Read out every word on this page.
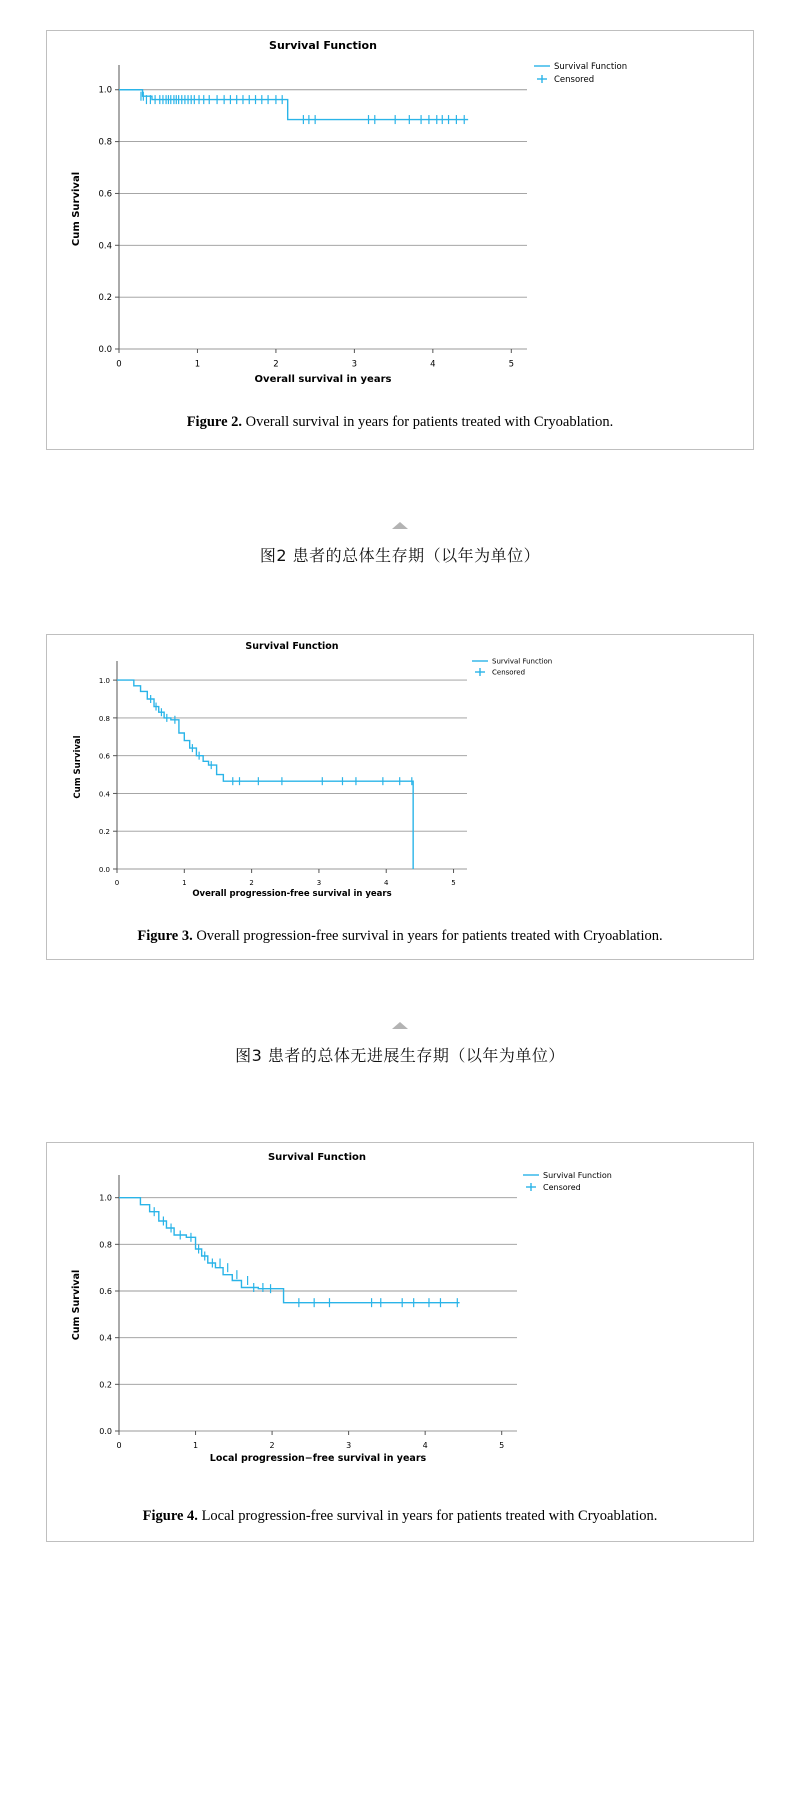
Survival Function
0.0
0.2
0.4
0.6
0.8
1.0
0	1	2	3	4	5
Overall survival in years
Cum Survival
Survival Function
Censored
Figure 2. Overall survival in years for patients treated with Cryoablation.
图2 患者的总体生存期（以年为单位）
Survival Function
0.0
0.2
0.4
0.6
0.8
1.0
0	1	2	3	4	5
Overall progression-free survival in years
Cum Survival
Survival Function
Censored
Figure 3. Overall progression-free survival in years for patients treated with Cryoablation.
图3 患者的总体无进展生存期（以年为单位）
Survival Function
0.0
0.2
0.4
0.6
0.8
1.0
0	1	2	3	4	5
Local progression−free survival in years
Cum Survival
Survival Function
Censored
Figure 4. Local progression-free survival in years for patients treated with Cryoablation.
